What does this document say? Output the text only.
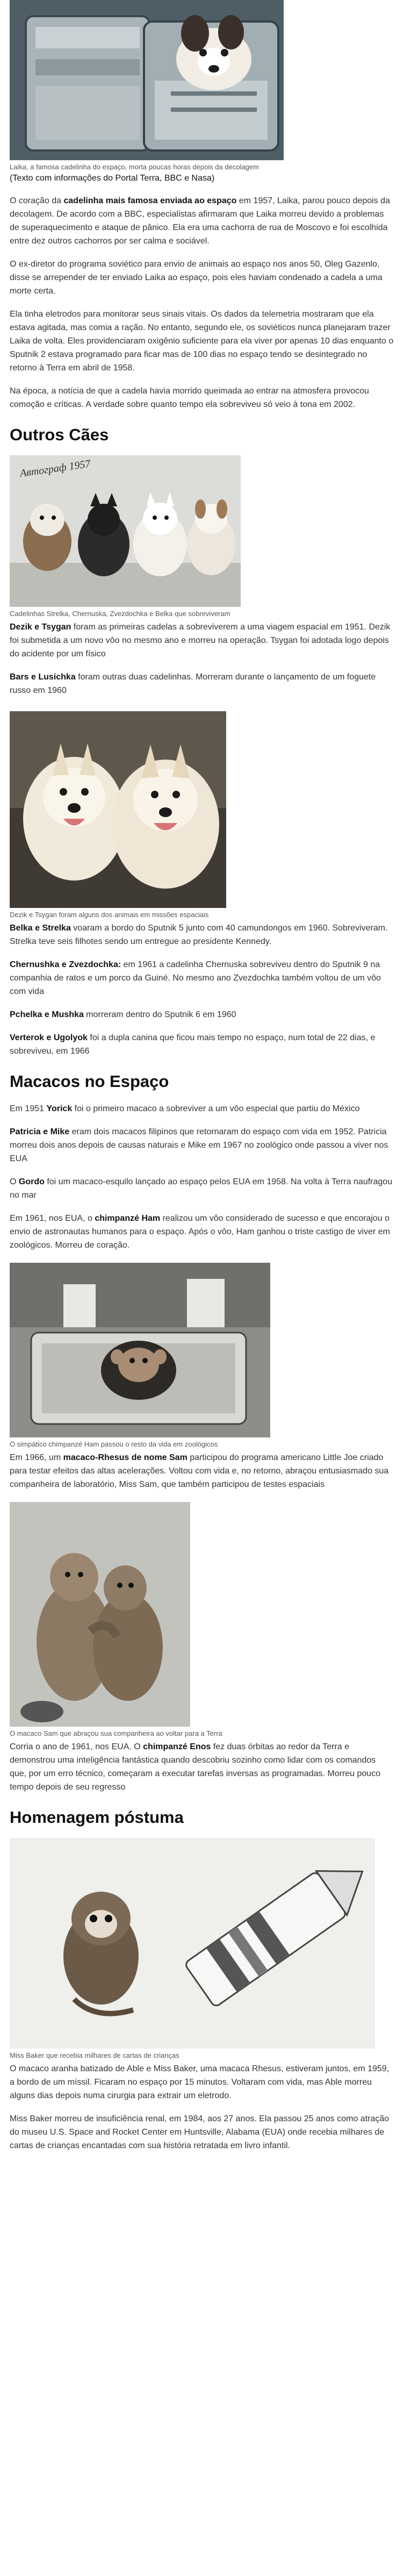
Laika, a famosa cadelinha do espaço, morta poucas horas depois da decolagem
(Texto com informações do Portal Terra, BBC e Nasa)

O coração da cadelinha mais famosa enviada ao espaço em 1957, Laika, parou pouco depois da decolagem. De acordo com a BBC, especialistas afirmaram que Laika morreu devido a problemas de superaquecimento e ataque de pânico. Ela era uma cachorra de rua de Moscovo e foi escolhida entre dez outros cachorros por ser calma e sociável.

O ex-diretor do programa soviético para envio de animais ao espaço nos anos 50, Oleg Gazenlo, disse se arrepender de ter enviado Laika ao espaço, pois eles haviam condenado a cadela a uma morte certa.

Ela tinha eletrodos para monitorar seus sinais vitais. Os dados da telemetria mostraram que ela estava agitada, mas comia a ração. No entanto, segundo ele, os soviéticos nunca planejaram trazer Laika de volta. Eles providenciaram oxigênio suficiente para ela viver por apenas 10 dias enquanto o Sputnik 2 estava programado para ficar mas de 100 dias no espaço tendo se desintegrado no retorno à Terra em abril de 1958.

Na época, a notícia de que a cadela havia morrido queimada ao entrar na atmosfera provocou comoção e críticas. A verdade sobre quanto tempo ela sobreviveu só veio à tona em 2002.

Outros Cães
Автограф 1957
Cadelinhas Strelka, Chernuska, Zvezdochka e Belka que sobreviveram

Dezik e Tsygan foram as primeiras cadelas a sobreviverem a uma viagem espacial em 1951. Dezik foi submetida a um novo vôo no mesmo ano e morreu na operação. Tsygan foi adotada logo depois do acidente por um físico

Bars e Lusichka foram outras duas cadelinhas. Morreram durante o lançamento de um foguete russo em 1960

Dezik e Tsygan foram alguns dos animais em missões espaciais

Belka e Strelka voaram a bordo do Sputnik 5 junto com 40 camundongos em 1960. Sobreviveram. Strelka teve seis filhotes sendo um entregue ao presidente Kennedy.

Chernushka e Zvezdochka: em 1961 a cadelinha Chernuska sobreviveu dentro do Sputnik 9 na companhia de ratos e um porco da Guiné. No mesmo ano Zvezdochka também voltou de um vôo com vida

Pchelka e Mushka morreram dentro do Sputnik 6 em 1960

Verterok e Ugolyok foi a dupla canina que ficou mais tempo no espaço, num total de 22 dias, e sobreviveu, em 1966

Macacos no Espaço

Em 1951 Yorick foi o primeiro macaco a sobreviver a um vôo especial que partiu do México

Patricia e Mike eram dois macacos filipinos que retornaram do espaço com vida em 1952. Patricia morreu dois anos depois de causas naturais e Mike em 1967 no zoológico onde passou a viver nos EUA

O Gordo foi um macaco-esquilo lançado ao espaço pelos EUA em 1958. Na volta à Terra naufragou no mar

Em 1961, nos EUA, o chimpanzé Ham realizou um vôo considerado de sucesso e que encorajou o envio de astronautas humanos para o espaço. Após o vôo, Ham ganhou o triste castigo de viver em zoológicos. Morreu de coração.

O simpático chimpanzé Ham passou o resto da vida em zoológicos

Em 1966, um macaco-Rhesus de nome Sam participou do programa americano Little Joe criado para testar efeitos das altas acelerações. Voltou com vida e, no retorno, abraçou entusiasmado sua companheira de laboratório, Miss Sam, que também participou de testes espaciais

O macaco Sam que abraçou sua companheira ao voltar para a Terra

Corria o ano de 1961, nos EUA. O chimpanzé Enos fez duas órbitas ao redor da Terra e demonstrou uma inteligência fantástica quando descobriu sozinho como lidar com os comandos que, por um erro técnico, começaram a executar tarefas inversas as programadas. Morreu pouco tempo depois de seu regresso

Homenagem póstuma
Miss Baker que recebia milhares de cartas de crianças

O macaco aranha batizado de Able e Miss Baker, uma macaca Rhesus, estiveram juntos, em 1959, a bordo de um míssil. Ficaram no espaço por 15 minutos. Voltaram com vida, mas Able morreu alguns dias depois numa cirurgia para extrair um eletrodo.

Miss Baker morreu de insuficiência renal, em 1984, aos 27 anos. Ela passou 25 anos como atração do museu U.S. Space and Rocket Center em Huntsville, Alabama (EUA) onde recebia milhares de cartas de crianças encantadas com sua história retratada em livro infantil.
